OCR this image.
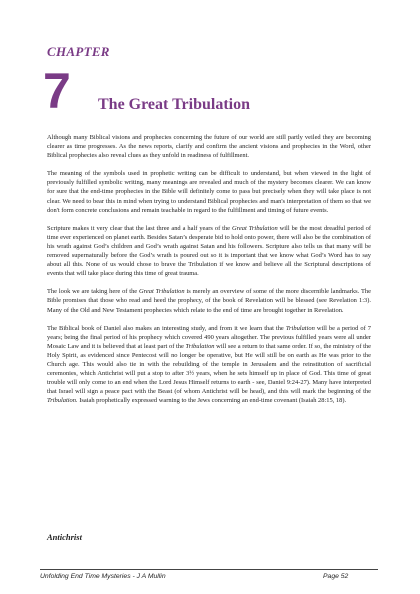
CHAPTER
7 The Great Tribulation

Although many Biblical visions and prophecies concerning the future of our world are still partly veiled they are becoming clearer as time progresses. As the news reports, clarify and confirm the ancient visions and prophecies in the Word, other Biblical prophecies also reveal clues as they unfold in readiness of fulfillment.

The meaning of the symbols used in prophetic writing can be difficult to understand, but when viewed in the light of previously fulfilled symbolic writing, many meanings are revealed and much of the mystery becomes clearer. We can know for sure that the end-time prophecies in the Bible will definitely come to pass but precisely when they will take place is not clear. We need to bear this in mind when trying to understand Biblical prophecies and man's interpretation of them so that we don't form concrete conclusions and remain teachable in regard to the fulfillment and timing of future events.

Scripture makes it very clear that the last three and a half years of the Great Tribulation will be the most dreadful period of time ever experienced on planet earth. Besides Satan’s desperate bid to hold onto power, there will also be the combination of his wrath against God’s children and God’s wrath against Satan and his followers. Scripture also tells us that many will be removed supernaturally before the God’s wrath is poured out so it is important that we know what God’s Word has to say about all this. None of us would chose to brave the Tribulation if we know and believe all the Scriptural descriptions of events that will take place during this time of great trauma.

The look we are taking here of the Great Tribulation is merely an overview of some of the more discernible landmarks. The Bible promises that those who read and heed the prophecy, of the book of Revelation will be blessed (see Revelation 1:3). Many of the Old and New Testament prophecies which relate to the end of time are brought together in Revelation.

The Biblical book of Daniel also makes an interesting study, and from it we learn that the Tribulation will be a period of 7 years; being the final period of his prophecy which covered 490 years altogether. The previous fulfilled years were all under Mosaic Law and it is believed that at least part of the Tribulation will see a return to that same order. If so, the ministry of the Holy Spirit, as evidenced since Pentecost will no longer be operative, but He will still be on earth as He was prior to the Church age. This would also tie in with the rebuilding of the temple in Jerusalem and the reinstitution of sacrificial ceremonies, which Antichrist will put a stop to after 3½ years, when he sets himself up in place of God. This time of great trouble will only come to an end when the Lord Jesus Himself returns to earth - see, Daniel 9:24-27). Many have interpreted that Israel will sign a peace pact with the Beast (of whom Antichrist will be head), and this will mark the beginning of the Tribulation. Isaiah prophetically expressed warning to the Jews concerning an end-time covenant (Isaiah 28:15, 18).

Antichrist
Unfolding End Time Mysteries - J A Mullin	Page 52
